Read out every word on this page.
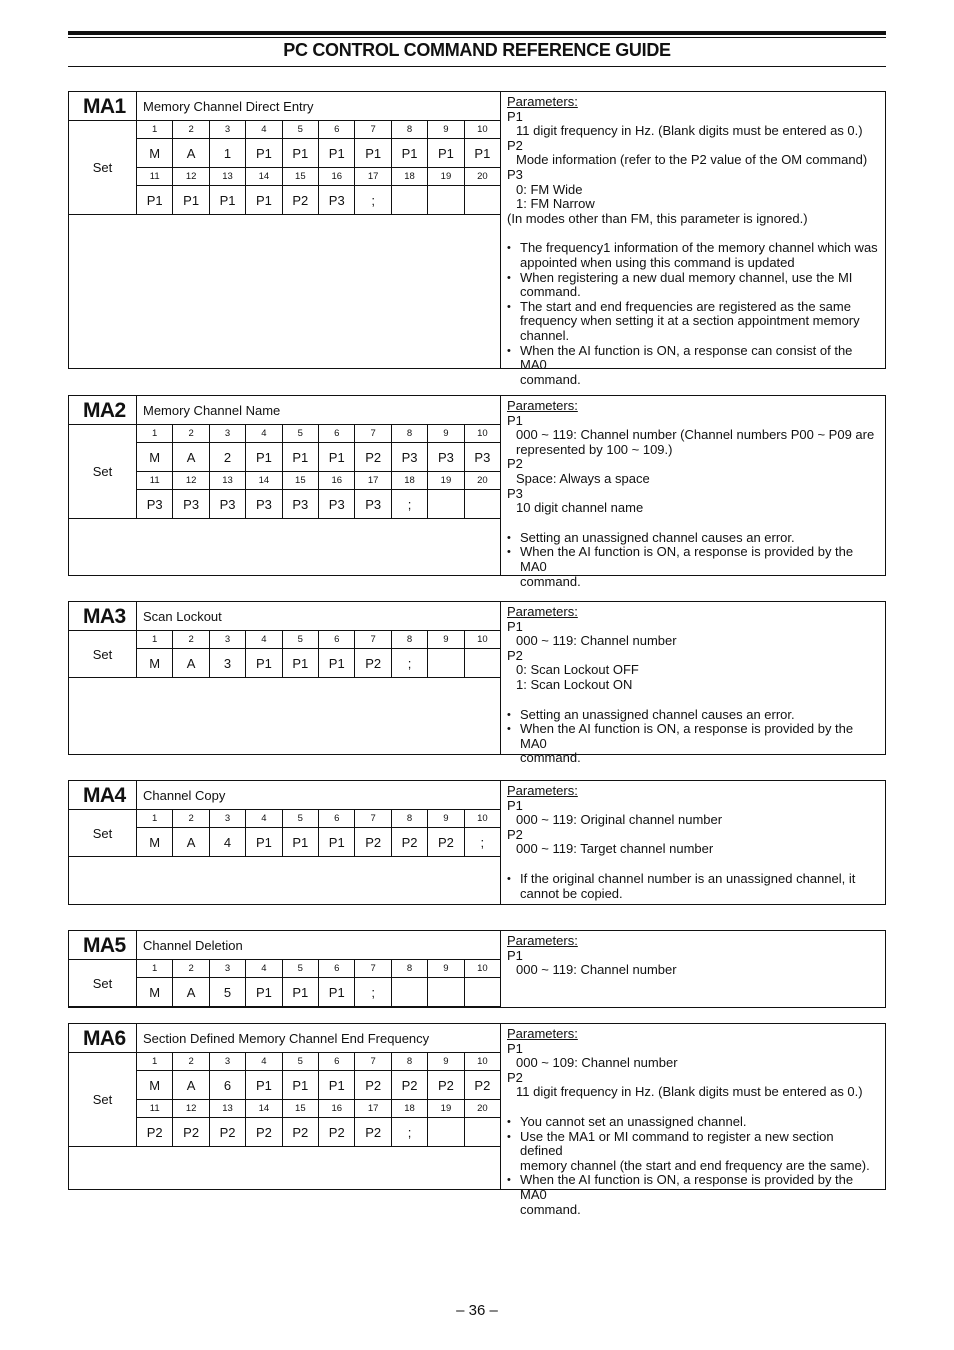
PC CONTROL COMMAND REFERENCE GUIDE
MA1	Memory Channel Direct Entry
Set
1	2	3	4	5	6	7	8	9	10
M	A	1	P1	P1	P1	P1	P1	P1	P1
11	12	13	14	15	16	17	18	19	20
P1	P1	P1	P1	P2	P3	;
Parameters:
P1
11 digit frequency in Hz. (Blank digits must be entered as 0.)
P2
Mode information (refer to the P2 value of the OM command)
P3
0: FM Wide
1: FM Narrow
(In modes other than FM, this parameter is ignored.)
• The frequency1 information of the memory channel which was
appointed when using this command is updated
• When registering a new dual memory channel, use the MI
command.
• The start and end frequencies are registered as the same
frequency when setting it at a section appointment memory
channel.
• When the AI function is ON, a response can consist of the MA0
command.
MA2	Memory Channel Name
Set
1	2	3	4	5	6	7	8	9	10
M	A	2	P1	P1	P1	P2	P3	P3	P3
11	12	13	14	15	16	17	18	19	20
P3	P3	P3	P3	P3	P3	P3	;
Parameters:
P1
000 ~ 119: Channel number (Channel numbers P00 ~ P09 are
represented by 100 ~ 109.)
P2
Space: Always a space
P3
10 digit channel name
• Setting an unassigned channel causes an error.
• When the AI function is ON, a response is provided by the MA0
command.
MA3	Scan Lockout
Set
1	2	3	4	5	6	7	8	9	10
M	A	3	P1	P1	P1	P2	;
Parameters:
P1
000 ~ 119: Channel number
P2
0: Scan Lockout OFF
1: Scan Lockout ON
• Setting an unassigned channel causes an error.
• When the AI function is ON, a response is provided by the MA0
command.
MA4	Channel Copy
Set
1	2	3	4	5	6	7	8	9	10
M	A	4	P1	P1	P1	P2	P2	P2	;
Parameters:
P1
000 ~ 119: Original channel number
P2
000 ~ 119: Target channel number
• If the original channel number is an unassigned channel, it
cannot be copied.
MA5	Channel Deletion
Set
1	2	3	4	5	6	7	8	9	10
M	A	5	P1	P1	P1	;
Parameters:
P1
000 ~ 119: Channel number
MA6	Section Defined Memory Channel End Frequency
Set
1	2	3	4	5	6	7	8	9	10
M	A	6	P1	P1	P1	P2	P2	P2	P2
11	12	13	14	15	16	17	18	19	20
P2	P2	P2	P2	P2	P2	P2	;
Parameters:
P1
000 ~ 109: Channel number
P2
11 digit frequency in Hz. (Blank digits must be entered as 0.)
• You cannot set an unassigned channel.
• Use the MA1 or MI command to register a new section defined
memory channel (the start and end frequency are the same).
• When the AI function is ON, a response is provided by the MA0
command.
– 36 –
